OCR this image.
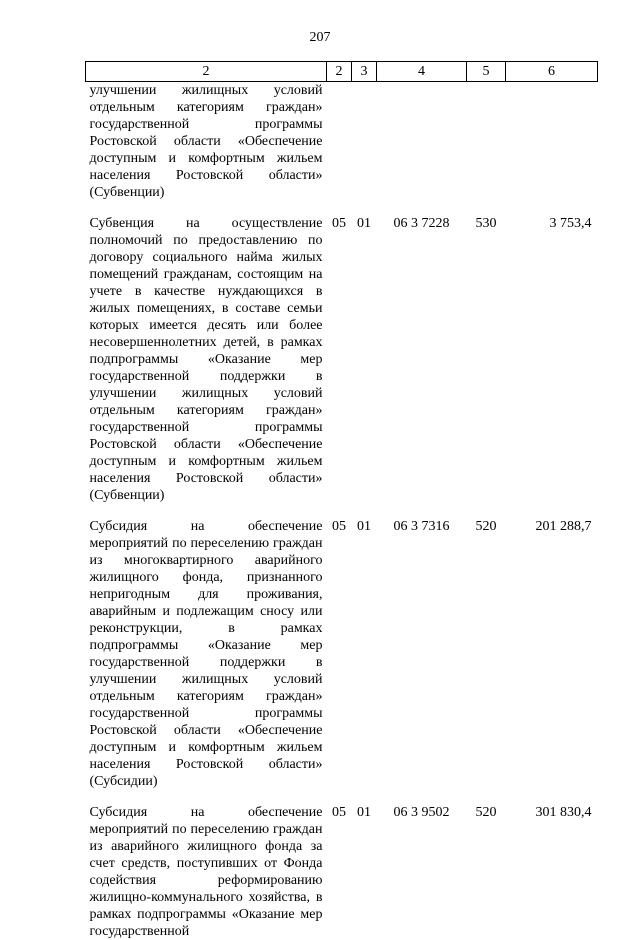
207
2	2	3	4	5	6
улучшении жилищных условий отдельным категориям граждан» государственной программы Ростовской области «Обеспечение доступным и комфортным жильем населения Ростовской области» (Субвенции)					

Субвенция на осуществление полномочий по предоставлению по договору социального найма жилых помещений гражданам, состоящим на учете в качестве нуждающихся в жилых помещениях, в составе семьи которых имеется десять или более несовершеннолетних детей, в рамках подпрограммы «Оказание мер государственной поддержки в улучшении жилищных условий отдельным категориям граждан» государственной программы Ростовской области «Обеспечение доступным и комфортным жильем населения Ростовской области» (Субвенции)	05	01	06 3 7228	530	3 753,4

Субсидия на обеспечение мероприятий по переселению граждан из многоквартирного аварийного жилищного фонда, признанного непригодным для проживания, аварийным и подлежащим сносу или реконструкции, в рамках подпрограммы «Оказание мер государственной поддержки в улучшении жилищных условий отдельным категориям граждан» государственной программы Ростовской области «Обеспечение доступным и комфортным жильем населения Ростовской области» (Субсидии)	05	01	06 3 7316	520	201 288,7

Субсидия на обеспечение мероприятий по переселению граждан из аварийного жилищного фонда за счет средств, поступивших от Фонда содействия реформированию жилищно-коммунального хозяйства, в рамках подпрограммы «Оказание мер государственной	05	01	06 3 9502	520	301 830,4
